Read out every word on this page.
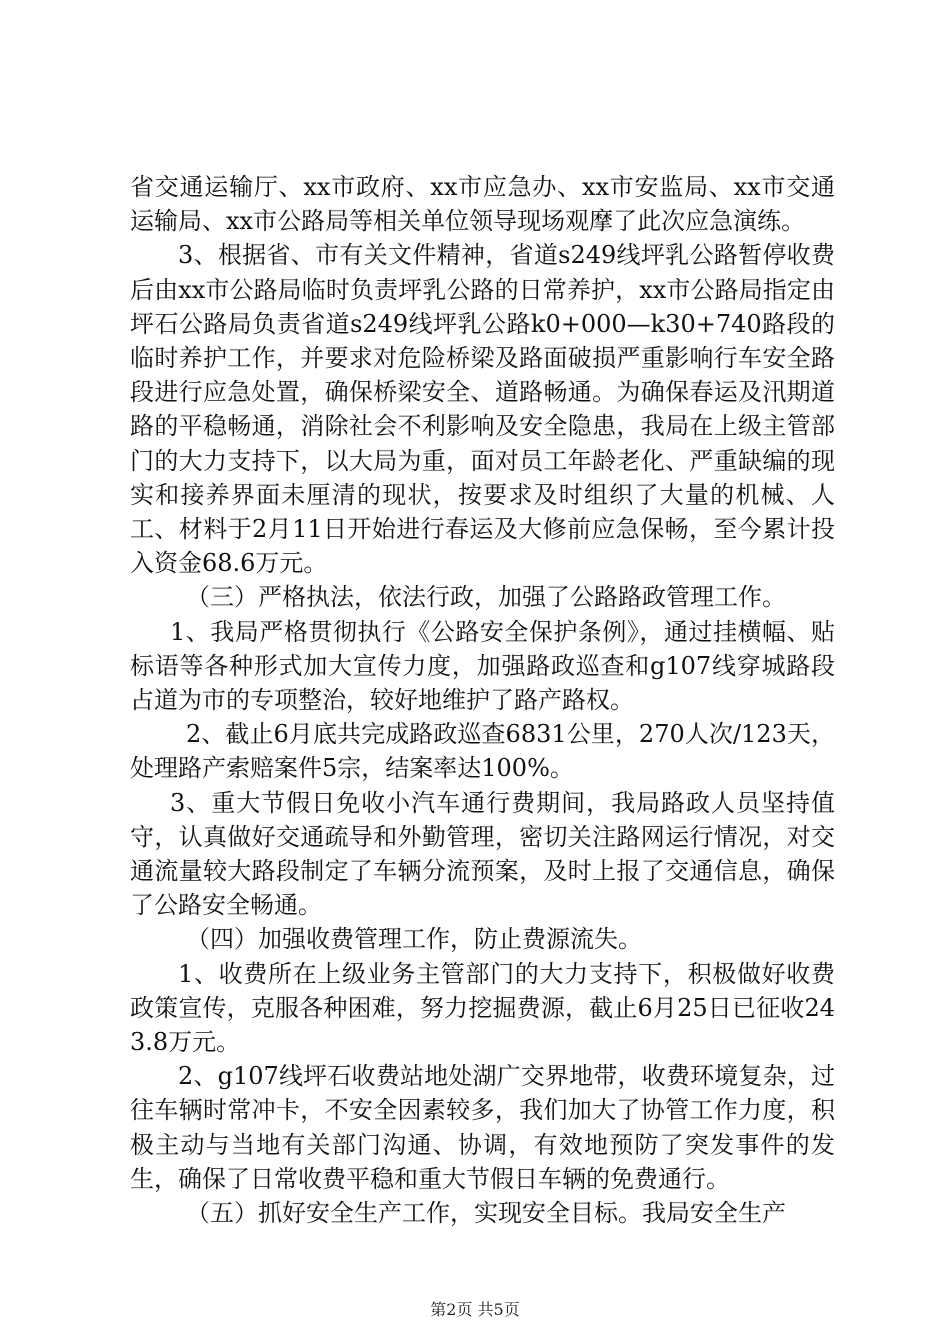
省交通运输厅、xx市政府、xx市应急办、xx市安监局、xx市交通运输局、xx市公路局等相关单位领导现场观摩了此次应急演练。

3、根据省、市有关文件精神，省道s249线坪乳公路暂停收费后由xx市公路局临时负责坪乳公路的日常养护，xx市公路局指定由坪石公路局负责省道s249线坪乳公路k0+000—k30+740路段的临时养护工作，并要求对危险桥梁及路面破损严重影响行车安全路段进行应急处置，确保桥梁安全、道路畅通。为确保春运及汛期道路的平稳畅通，消除社会不利影响及安全隐患，我局在上级主管部门的大力支持下，以大局为重，面对员工年龄老化、严重缺编的现实和接养界面未厘清的现状，按要求及时组织了大量的机械、人工、材料于2月11日开始进行春运及大修前应急保畅，至今累计投入资金68.6万元。

（三）严格执法，依法行政，加强了公路路政管理工作。

1、我局严格贯彻执行《公路安全保护条例》，通过挂横幅、贴标语等各种形式加大宣传力度，加强路政巡查和g107线穿城路段占道为市的专项整治，较好地维护了路产路权。

2、截止6月底共完成路政巡查6831公里，270人次/123天，处理路产索赔案件5宗，结案率达100%。

3、重大节假日免收小汽车通行费期间，我局路政人员坚持值守，认真做好交通疏导和外勤管理，密切关注路网运行情况，对交通流量较大路段制定了车辆分流预案，及时上报了交通信息，确保了公路安全畅通。

（四）加强收费管理工作，防止费源流失。

1、收费所在上级业务主管部门的大力支持下，积极做好收费政策宣传，克服各种困难，努力挖掘费源，截止6月25日已征收243.8万元。

2、g107线坪石收费站地处湖广交界地带，收费环境复杂，过往车辆时常冲卡，不安全因素较多，我们加大了协管工作力度，积极主动与当地有关部门沟通、协调，有效地预防了突发事件的发生，确保了日常收费平稳和重大节假日车辆的免费通行。

（五）抓好安全生产工作，实现安全目标。我局安全生产

第2页 共5页
